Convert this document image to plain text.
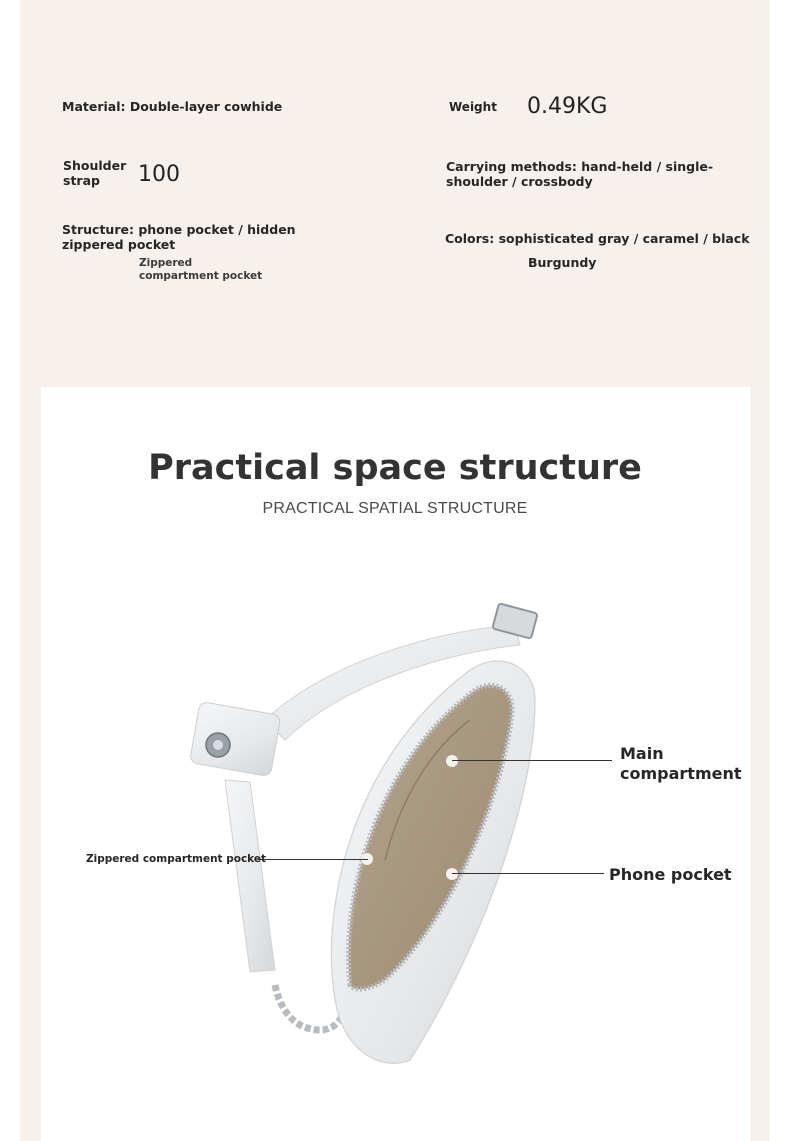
Material: Double-layer cowhide	Weight 0.49KG
Shoulder
strap 100	Carrying methods: hand-held / single-
shoulder / crossbody
Structure: phone pocket / hidden
zippered pocket
Zippered
compartment pocket
Colors: sophisticated gray / caramel / black
Burgundy
Practical space structure
PRACTICAL SPATIAL STRUCTURE
Main
compartment
Phone pocket
Zippered compartment pocket
